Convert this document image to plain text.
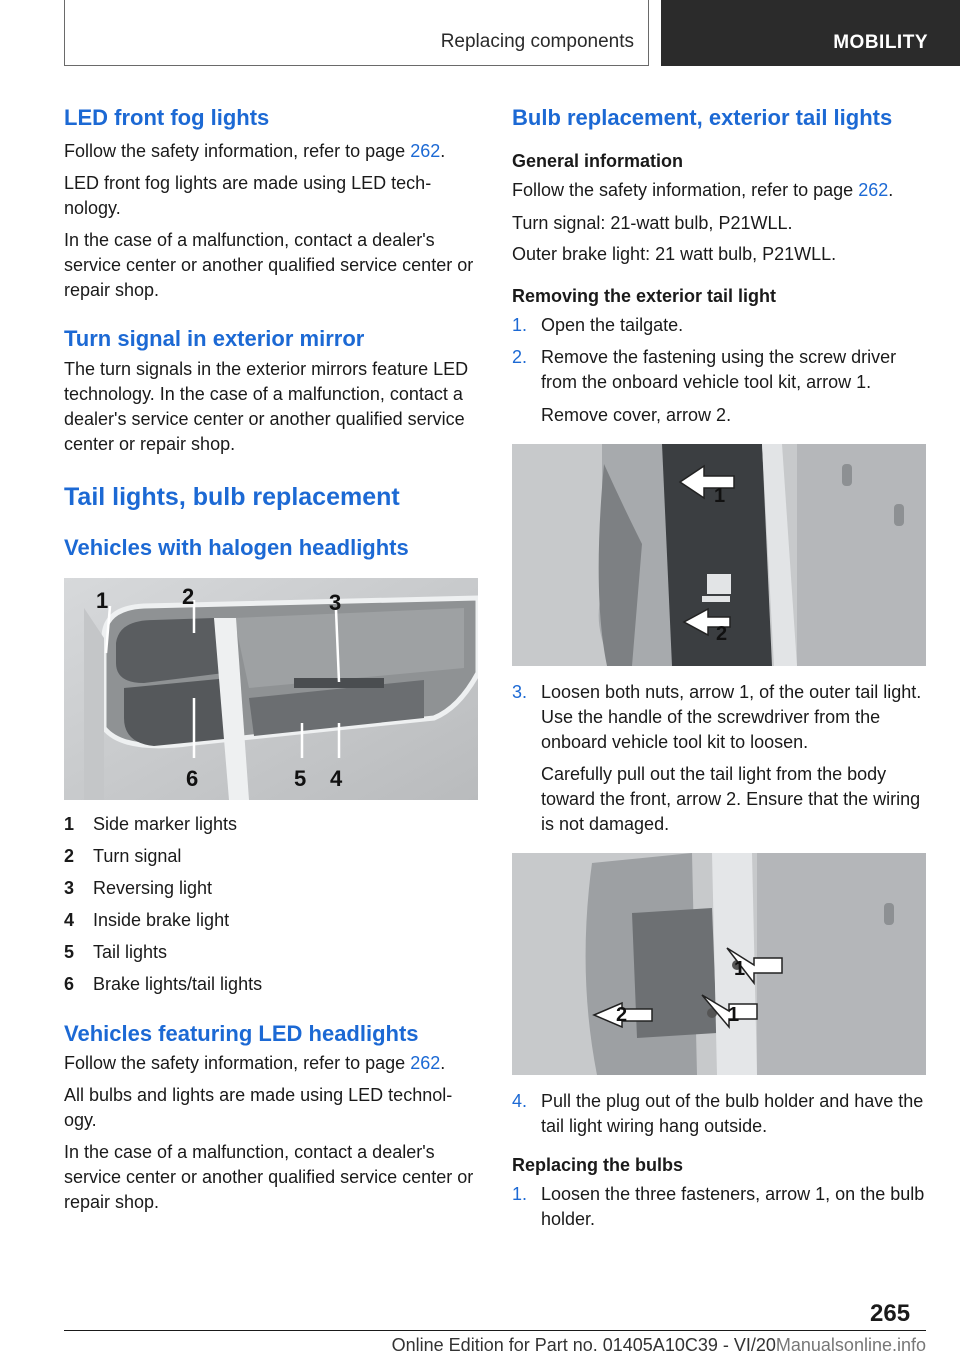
Replacing components	MOBILITY
LED front fog lights

Follow the safety information, refer to page 262.

LED front fog lights are made using LED technology.

In the case of a malfunction, contact a dealer's service center or another qualified service center or repair shop.

Turn signal in exterior mirror

The turn signals in the exterior mirrors feature LED technology. In the case of a malfunction, contact a dealer's service center or another qualified service center or repair shop.

Tail lights, bulb replacement
Vehicles with halogen headlights
1	2	3
4
5
6
1	Side marker lights
2	Turn signal
3	Reversing light
4	Inside brake light
5	Tail lights
6	Brake lights/tail lights
Vehicles featuring LED headlights

Follow the safety information, refer to page 262.

All bulbs and lights are made using LED technology.

In the case of a malfunction, contact a dealer's service center or another qualified service center or repair shop.

Bulb replacement, exterior tail lights
General information

Follow the safety information, refer to page 262.

Turn signal: 21-watt bulb, P21WLL.

Outer brake light: 21 watt bulb, P21WLL.

Removing the exterior tail light
1. Open the tailgate.
2. Remove the fastening using the screw driver from the onboard vehicle tool kit, arrow 1.

Remove cover, arrow 2.

1
2
3. Loosen both nuts, arrow 1, of the outer tail light. Use the handle of the screwdriver from the onboard vehicle tool kit to loosen.

Carefully pull out the tail light from the body toward the front, arrow 2. Ensure that the wiring is not damaged.

1
1
2
4. Pull the plug out of the bulb holder and have the tail light wiring hang outside.
Replacing the bulbs
1. Loosen the three fasteners, arrow 1, on the bulb holder.
265
Online Edition for Part no. 01405A10C39 - VI/20Manualsonline.info
